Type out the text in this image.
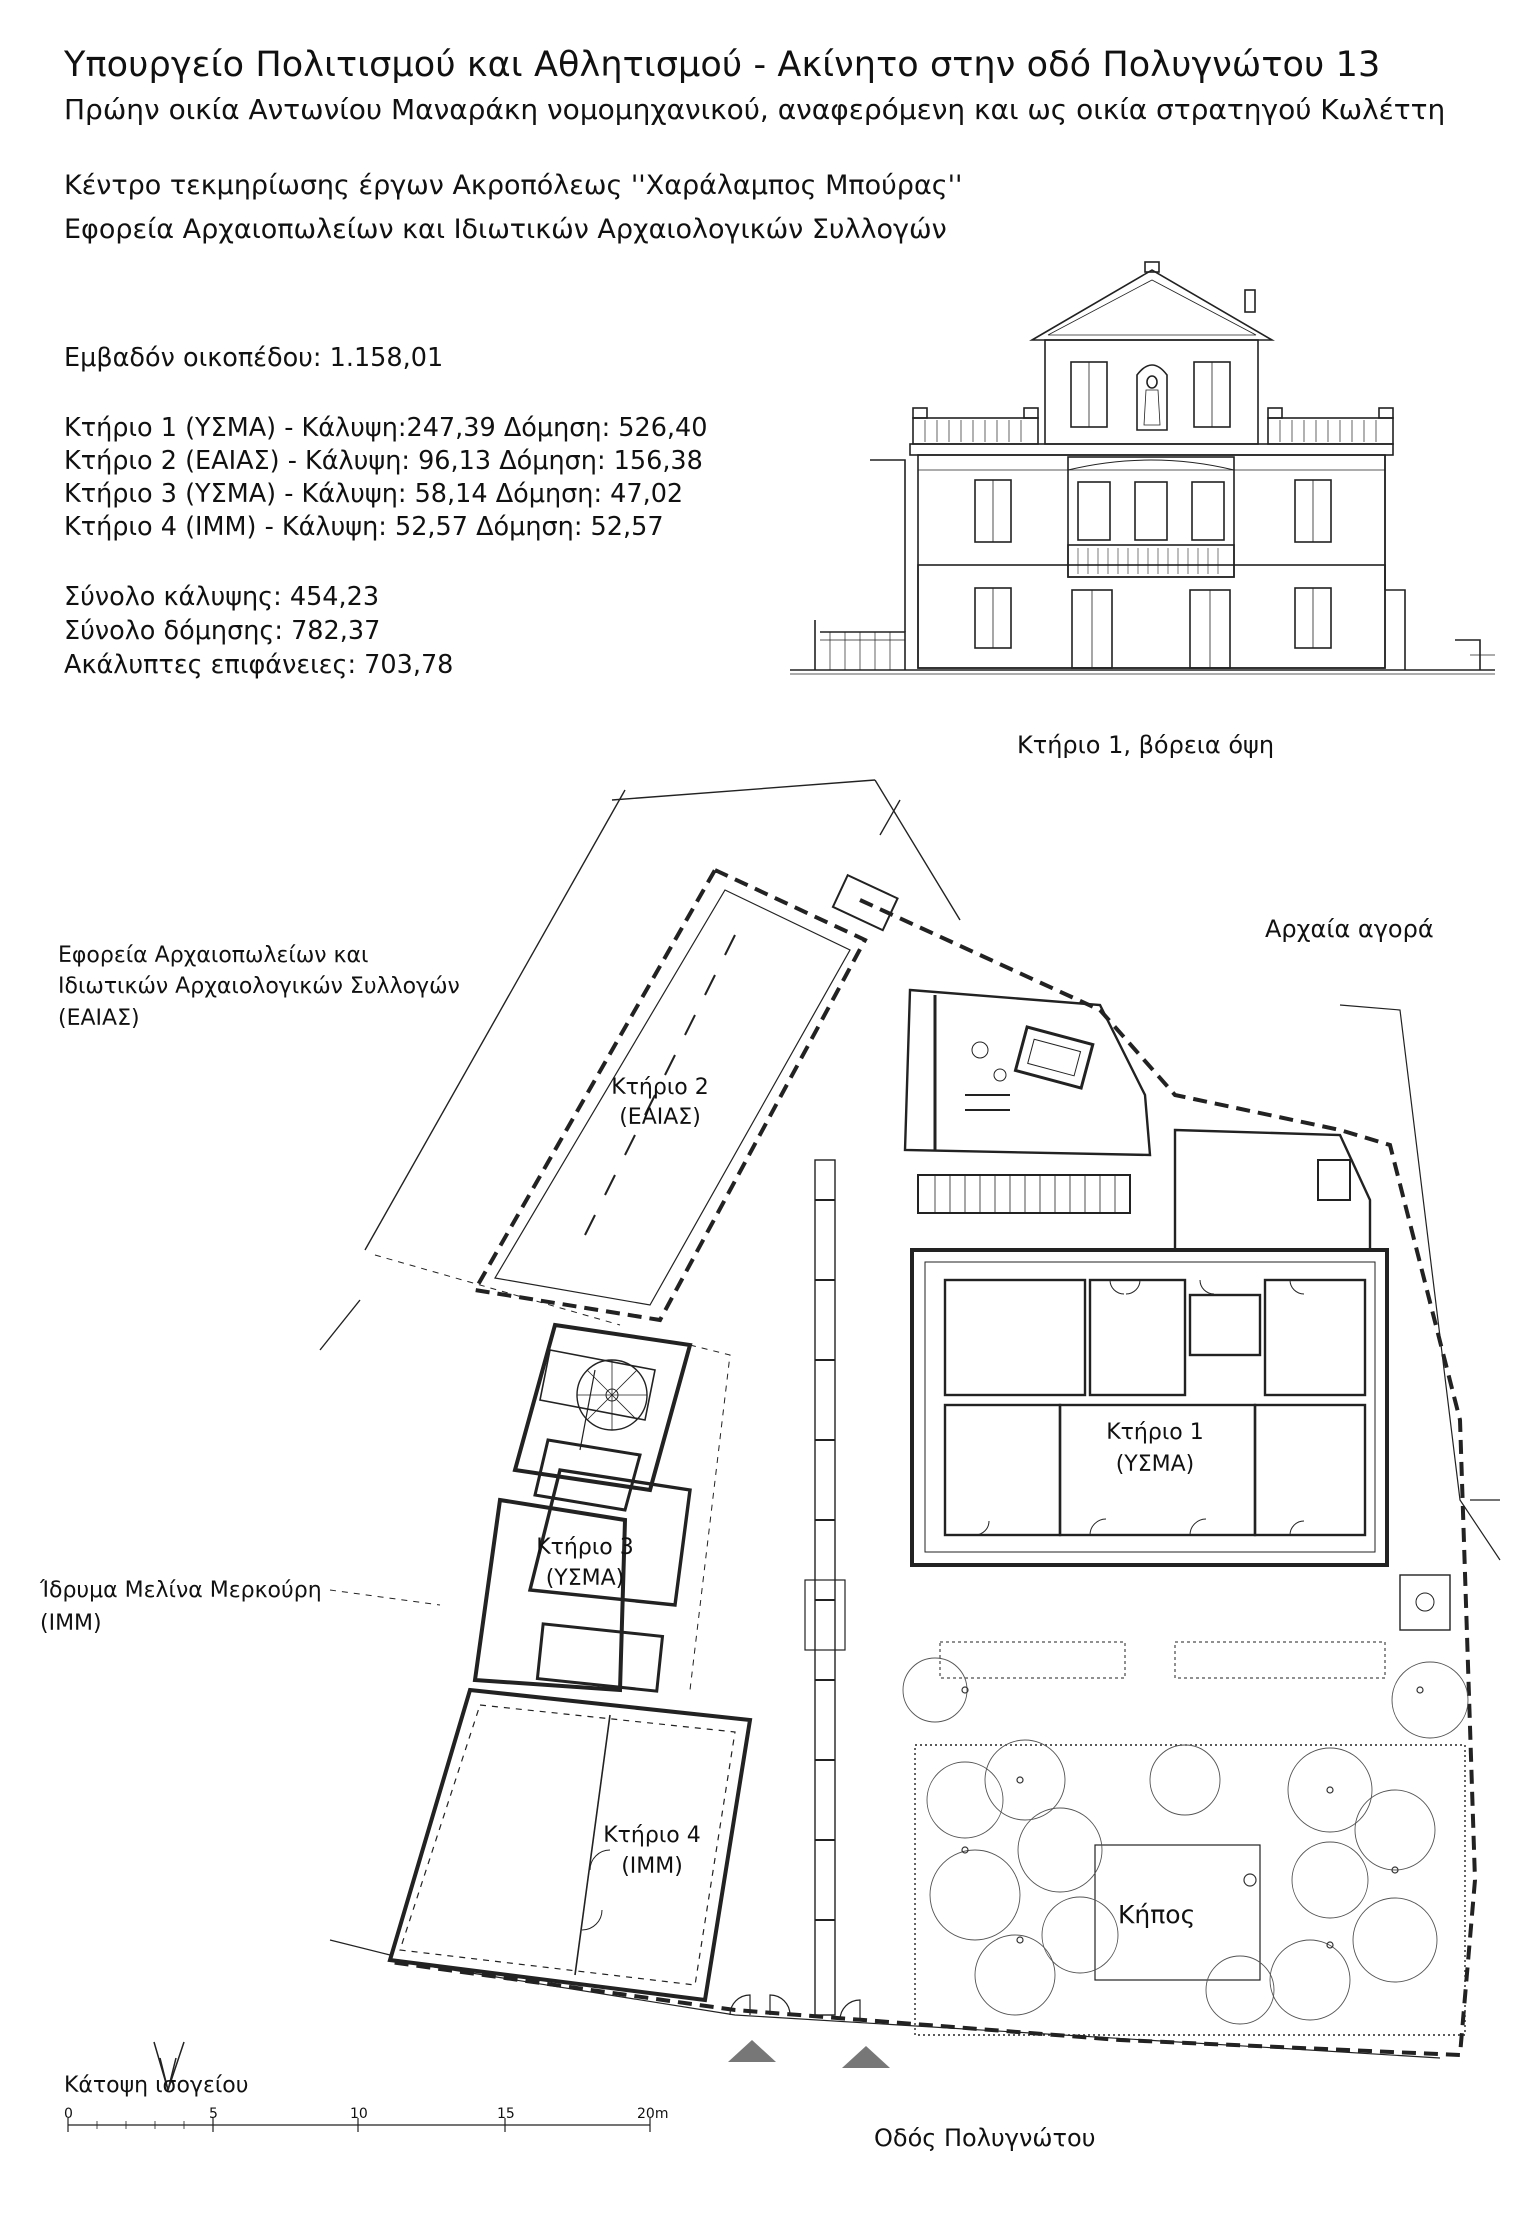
Υπουργείο Πολιτισμού και Αθλητισμού - Ακίνητο στην οδό Πολυγνώτου 13
Πρώην οικία Αντωνίου Μαναράκη νομομηχανικού, αναφερόμενη και ως οικία στρατηγού Κωλέττη
Κέντρο τεκμηρίωσης έργων Ακροπόλεως ''Χαράλαμπος Μπούρας''
Εφορεία Αρχαιοπωλείων και Ιδιωτικών Αρχαιολογικών Συλλογών
Εμβαδόν οικοπέδου: 1.158,01
Κτήριο 1 (ΥΣΜΑ) - Κάλυψη:247,39 Δόμηση: 526,40
Κτήριο 2 (ΕΑΙΑΣ) - Κάλυψη: 96,13 Δόμηση: 156,38
Κτήριο 3 (ΥΣΜΑ) - Κάλυψη: 58,14 Δόμηση: 47,02
Κτήριο 4 (ΙΜΜ) - Κάλυψη: 52,57 Δόμηση: 52,57
Σύνολο κάλυψης: 454,23
Σύνολο δόμησης: 782,37
Ακάλυπτες επιφάνειες: 703,78
Κτήριο 1, βόρεια όψη
Αρχαία αγορά
Εφορεία Αρχαιοπωλείων και
Ιδιωτικών Αρχαιολογικών Συλλογών
(ΕΑΙΑΣ)
Ίδρυμα Μελίνα Μερκούρη
(ΙΜΜ)
Κτήριο 2
(ΕΑΙΑΣ)
Κτήριο 1
(ΥΣΜΑ)
Κτήριο 3
(ΥΣΜΑ)
Κτήριο 4
(ΙΜΜ)
Κήπος
Κάτοψη ισογείου
Οδός Πολυγνώτου
0	5	10	15	20m
